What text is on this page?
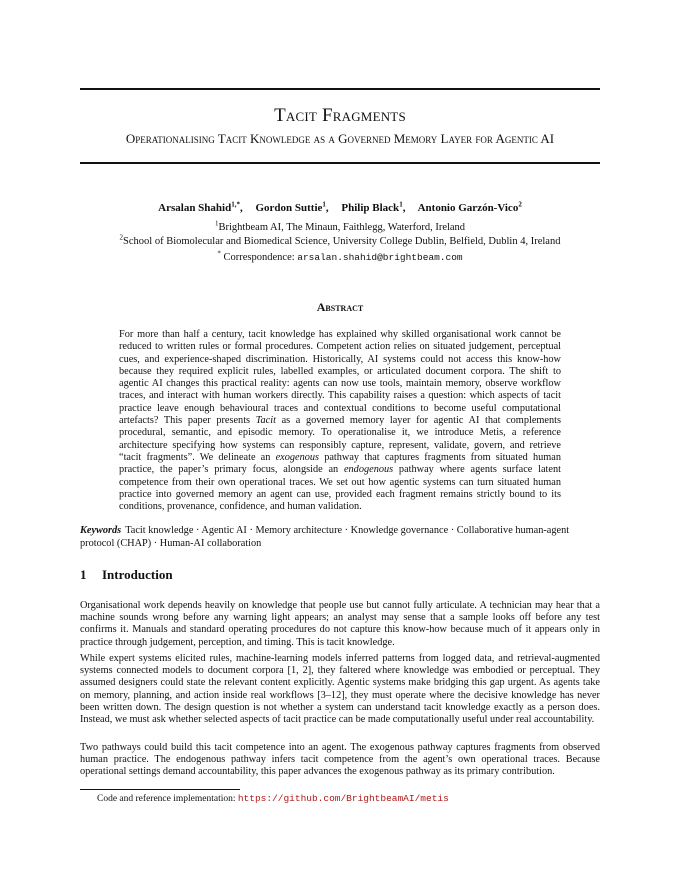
Tacit Fragments
Operationalising Tacit Knowledge as a Governed Memory Layer for Agentic AI
Arsalan Shahid$^{1,*}$, Gordon Suttie$^1$, Philip Black$^1$, Antonio Garzón-Vico$^2$
$^1$Brightbeam AI, The Minaun, Faithlegg, Waterford, Ireland
$^2$School of Biomolecular and Biomedical Science, University College Dublin, Belfield, Dublin 4, Ireland
* Correspondence: arsalan.shahid@brightbeam.com
Abstract
For more than half a century, tacit knowledge has explained why skilled organisational work cannot be reduced to written rules or formal procedures. Competent action relies on situated judgement, perceptual cues, and experience-shaped discrimination. Historically, AI systems could not access this know-how because they required explicit rules, labelled examples, or articulated document corpora. The shift to agentic AI changes this practical reality: agents can now use tools, maintain memory, observe workflow traces, and interact with human workers directly. This capability raises a question: which aspects of tacit practice leave enough behavioural traces and contextual conditions to become useful computational artefacts? This paper presents Tacit as a governed memory layer for agentic AI that complements procedural, semantic, and episodic memory. To operationalise it, we introduce Metis, a reference architecture specifying how systems can responsibly capture, represent, validate, govern, and retrieve “tacit fragments”. We delineate an exogenous pathway that captures fragments from situated human practice, the paper’s primary focus, alongside an endogenous pathway where agents surface latent competence from their own operational traces. We set out how agentic systems can turn situated human practice into governed memory an agent can use, provided each fragment remains strictly bound to its conditions, provenance, confidence, and human validation.
Keywords Tacit knowledge · Agentic AI · Memory architecture · Knowledge governance · Collaborative human-agent protocol (CHAP) · Human-AI collaboration
1 Introduction
Organisational work depends heavily on knowledge that people use but cannot fully articulate. A technician may hear that a machine sounds wrong before any warning light appears; an analyst may sense that a sample looks off before any test confirms it. Manuals and standard operating procedures do not capture this know-how because much of it appears only in practice through judgement, perception, and timing. This is tacit knowledge.
While expert systems elicited rules, machine-learning models inferred patterns from logged data, and retrieval-augmented systems connected models to document corpora [1, 2], they faltered where knowledge was embodied or perceptual. They assumed designers could state the relevant content explicitly. Agentic systems make bridging this gap urgent. As agents take on memory, planning, and action inside real workflows [3–12], they must operate where the decisive knowledge has never been written down. The design question is not whether a system can understand tacit knowledge exactly as a person does. Instead, we must ask whether selected aspects of tacit practice can be made computationally useful under real accountability.
Two pathways could build this tacit competence into an agent. The exogenous pathway captures fragments from observed human practice. The endogenous pathway infers tacit competence from the agent’s own operational traces. Because operational settings demand accountability, this paper advances the exogenous pathway as its primary contribution.
Code and reference implementation: https://github.com/BrightbeamAI/metis
